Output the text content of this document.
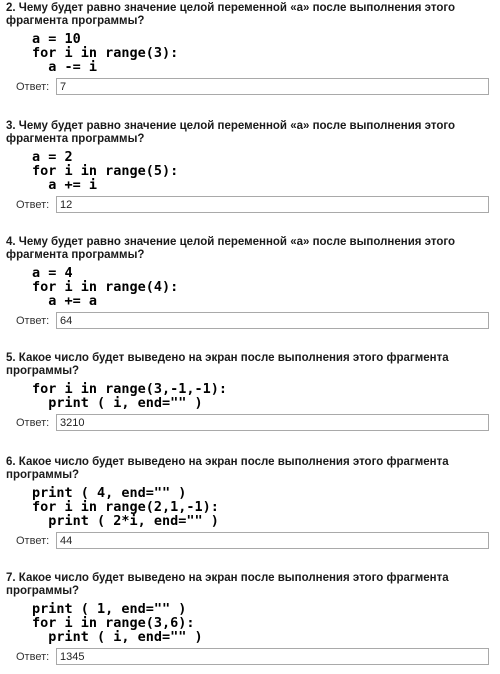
2. Чему будет равно значение целой переменной «a» после выполнения этого
фрагмента программы?
a = 10
for i in range(3):
a -= i
Ответ:
7
3. Чему будет равно значение целой переменной «a» после выполнения этого
фрагмента программы?
a = 2
for i in range(5):
a += i
Ответ:
12
4. Чему будет равно значение целой переменной «a» после выполнения этого
фрагмента программы?
a = 4
for i in range(4):
a += a
Ответ:
64
5. Какое число будет выведено на экран после выполнения этого фрагмента
программы?
for i in range(3,-1,-1):
print ( i, end="" )
Ответ:
3210
6. Какое число будет выведено на экран после выполнения этого фрагмента
программы?
print ( 4, end="" )
for i in range(2,1,-1):
print ( 2*i, end="" )
Ответ:
44
7. Какое число будет выведено на экран после выполнения этого фрагмента
программы?
print ( 1, end="" )
for i in range(3,6):
print ( i, end="" )
Ответ:
1345
